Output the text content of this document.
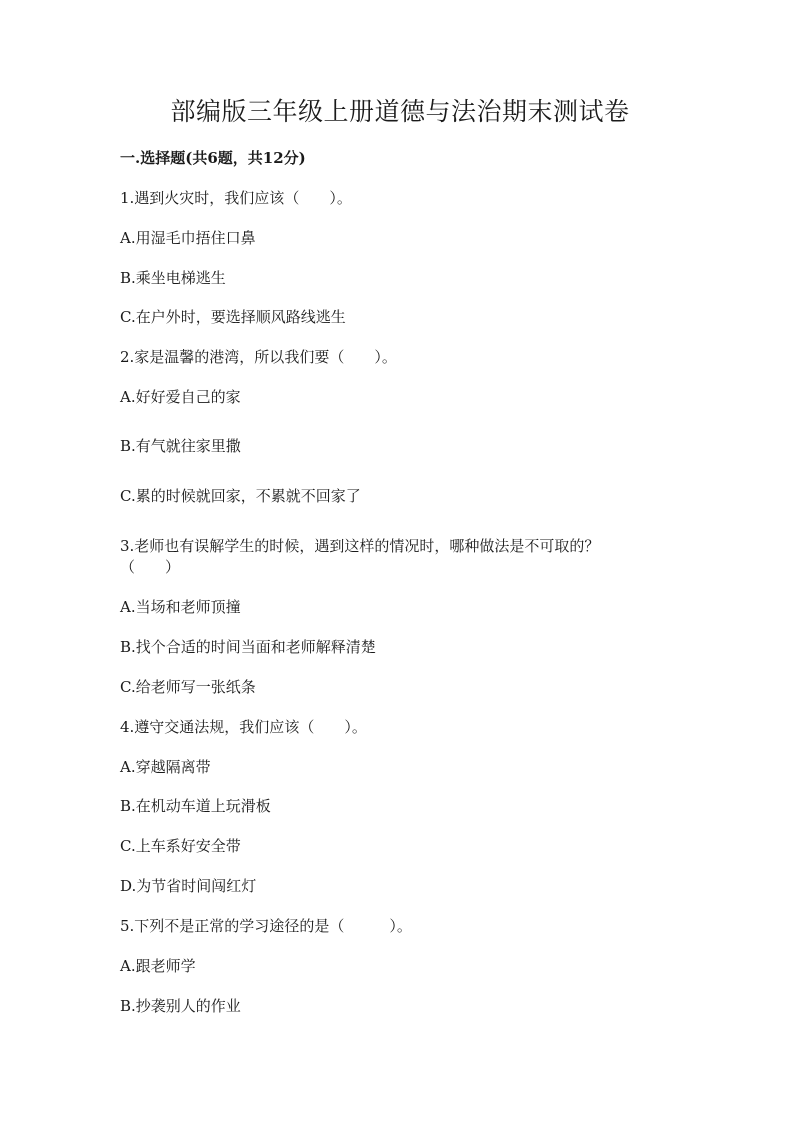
部编版三年级上册道德与法治期末测试卷

一.选择题(共6题，共12分)

1.遇到火灾时，我们应该（　　）。

A.用湿毛巾捂住口鼻

B.乘坐电梯逃生

C.在户外时，要选择顺风路线逃生

2.家是温馨的港湾，所以我们要（　　）。

A.好好爱自己的家

B.有气就往家里撒

C.累的时候就回家，不累就不回家了

3.老师也有误解学生的时候，遇到这样的情况时，哪种做法是不可取的？

（　　）

A.当场和老师顶撞

B.找个合适的时间当面和老师解释清楚

C.给老师写一张纸条

4.遵守交通法规，我们应该（　　）。

A.穿越隔离带

B.在机动车道上玩滑板

C.上车系好安全带

D.为节省时间闯红灯

5.下列不是正常的学习途径的是（　　　）。

A.跟老师学

B.抄袭别人的作业
